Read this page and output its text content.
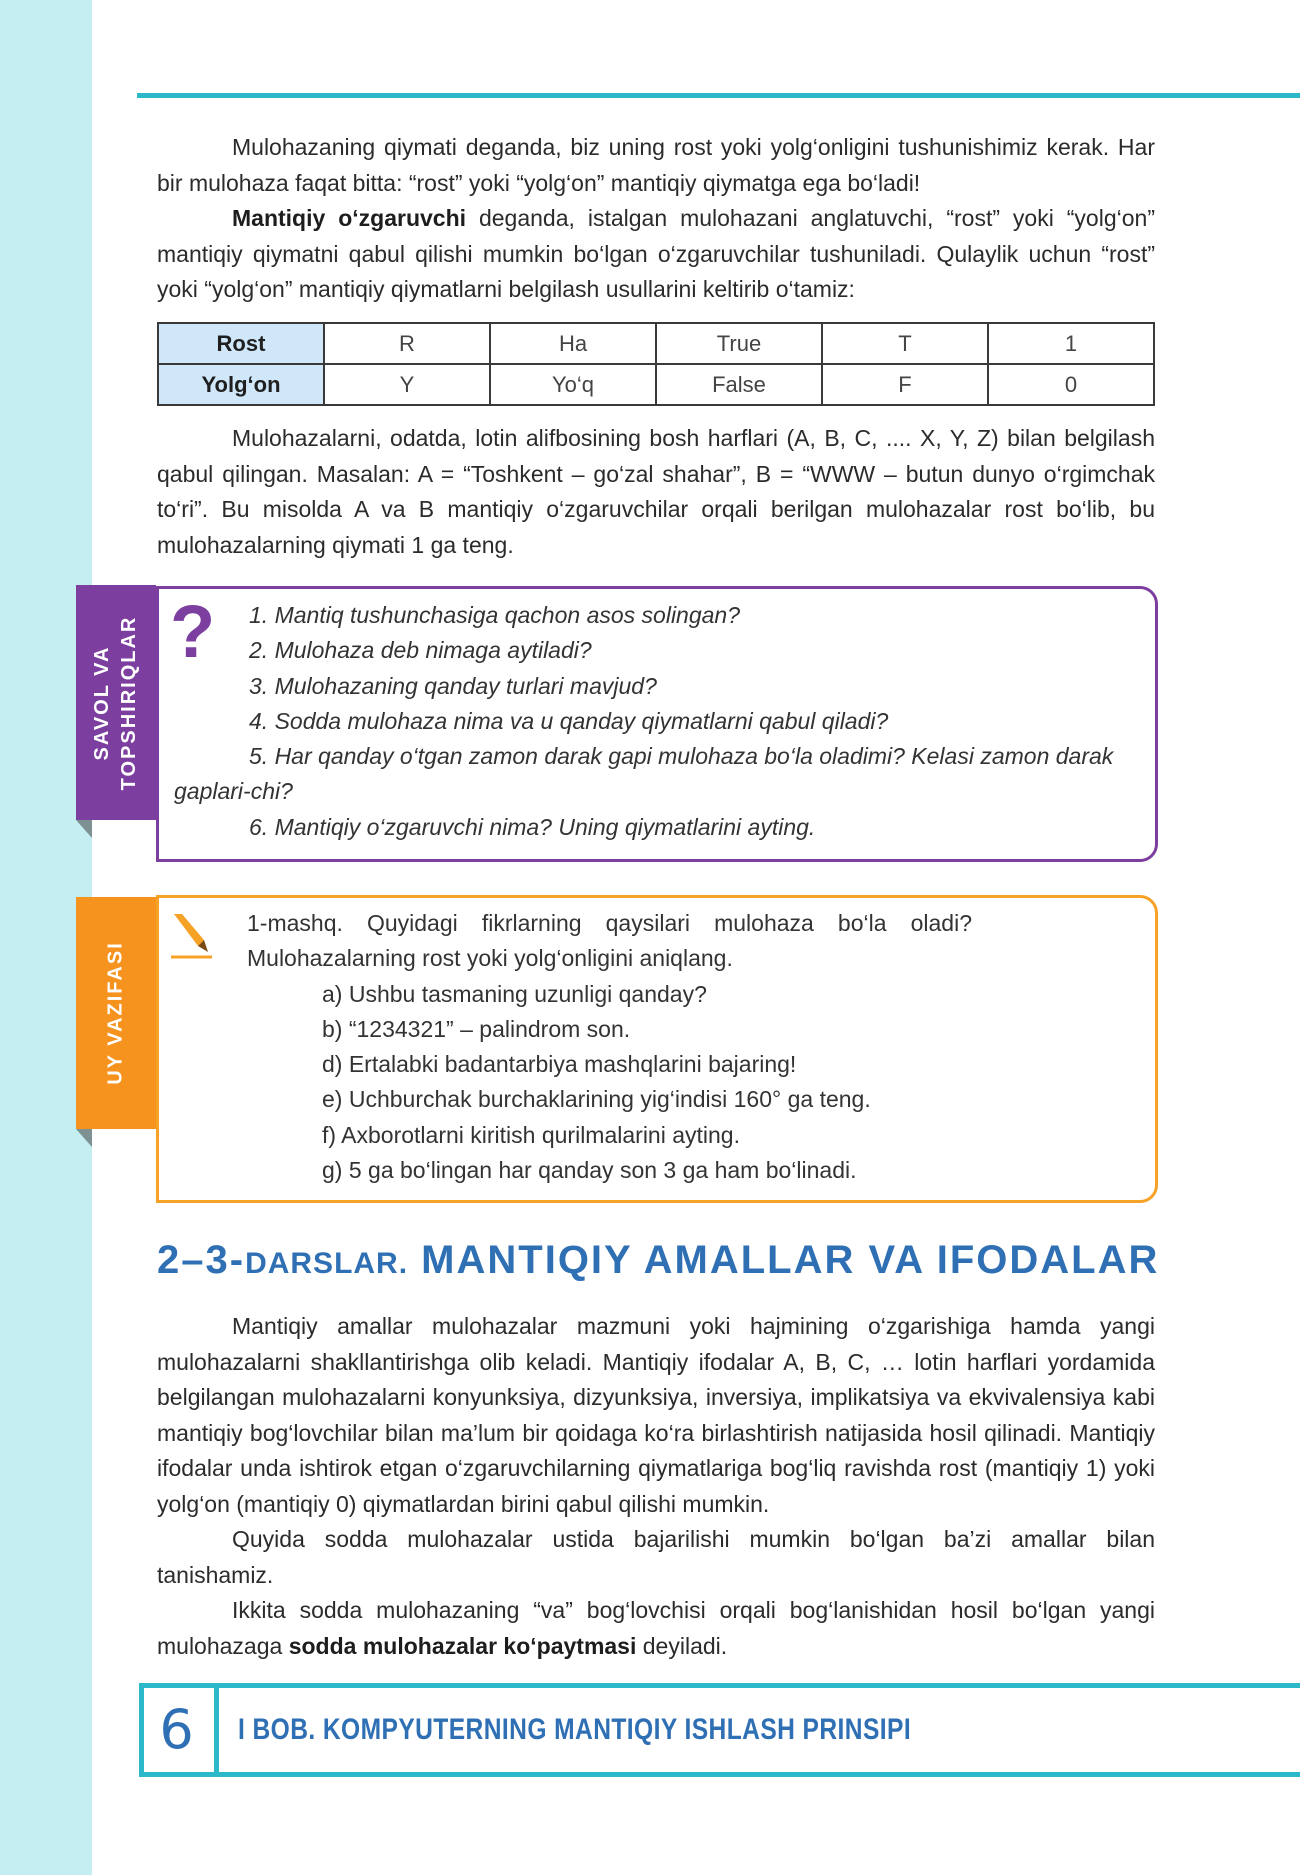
Mulohazaning qiymati deganda, biz uning rost yoki yolg‘onligini tushunishimiz kerak. Har bir mulohaza faqat bitta: “rost” yoki “yolg‘on” mantiqiy qiymatga ega bo‘ladi!

Mantiqiy o‘zgaruvchi deganda, istalgan mulohazani anglatuvchi, “rost” yoki “yolg‘on” mantiqiy qiymatni qabul qilishi mumkin bo‘lgan o‘zgaruvchilar tushuniladi. Qulaylik uchun “rost” yoki “yolg‘on” mantiqiy qiymatlarni belgilash usullarini keltirib o‘tamiz:

Rost	R	Ha	True	T	1
Yolg‘on	Y	Yo‘q	False	F	0

Mulohazalarni, odatda, lotin alifbosining bosh harflari (A, B, C, .... X, Y, Z) bilan belgilash qabul qilingan. Masalan: A = “Toshkent – go‘zal shahar”, B = “WWW – butun dunyo o‘rgimchak to‘ri”. Bu misolda A va B mantiqiy o‘zgaruvchilar orqali berilgan mulohazalar rost bo‘lib, bu mulohazalarning qiymati 1 ga teng.

SAVOL VA TOPSHIRIQLAR ?	1. Mantiq tushunchasiga qachon asos solingan?

2. Mulohaza deb nimaga aytiladi?

3. Mulohazaning qanday turlari mavjud?

4. Sodda mulohaza nima va u qanday qiymatlarni qabul qiladi?

5. Har qanday o‘tgan zamon darak gapi mulohaza bo‘la oladimi? Kelasi zamon darak gaplari-chi?

6. Mantiqiy o‘zgaruvchi nima? Uning qiymatlarini ayting.

UY VAZIFASI

1-mashq. Quyidagi fikrlarning qaysilari mulohaza bo‘la oladi?

Mulohazalarning rost yoki yolg‘onligini aniqlang.

a) Ushbu tasmaning uzunligi qanday?

b) “1234321” – palindrom son.

d) Ertalabki badantarbiya mashqlarini bajaring!

e) Uchburchak burchaklarining yig‘indisi 160° ga teng.

f) Axborotlarni kiritish qurilmalarini ayting.

g) 5 ga bo‘lingan har qanday son 3 ga ham bo‘linadi.

2–3-DARSLAR. MANTIQIY AMALLAR VA IFODALAR

Mantiqiy amallar mulohazalar mazmuni yoki hajmining o‘zgarishiga hamda yangi mulohazalarni shakllantirishga olib keladi. Mantiqiy ifodalar A, B, C, … lotin harflari yordamida belgilangan mulohazalarni konyunksiya, dizyunksiya, inversiya, implikatsiya va ekvivalensiya kabi mantiqiy bog‘lovchilar bilan ma’lum bir qoidaga ko‘ra birlashtirish natijasida hosil qilinadi. Mantiqiy ifodalar unda ishtirok etgan o‘zgaruvchilarning qiymatlariga bog‘liq ravishda rost (mantiqiy 1) yoki yolg‘on (mantiqiy 0) qiymatlardan birini qabul qilishi mumkin.

Quyida sodda mulohazalar ustida bajarilishi mumkin bo‘lgan ba’zi amallar bilan tanishamiz.

Ikkita sodda mulohazaning “va” bog‘lovchisi orqali bog‘lanishidan hosil bo‘lgan yangi mulohazaga sodda mulohazalar ko‘paytmasi deyiladi.

6	I BOB. KOMPYUTERNING MANTIQIY ISHLASH PRINSIPI
